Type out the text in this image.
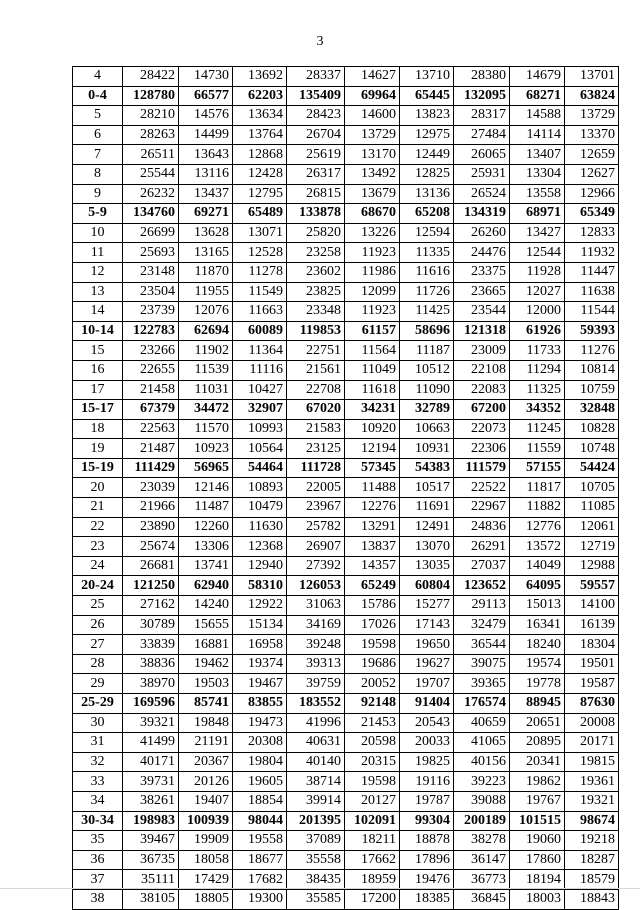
3
4	28422	14730	13692	28337	14627	13710	28380	14679	13701
0-4	128780	66577	62203	135409	69964	65445	132095	68271	63824
5	28210	14576	13634	28423	14600	13823	28317	14588	13729
6	28263	14499	13764	26704	13729	12975	27484	14114	13370
7	26511	13643	12868	25619	13170	12449	26065	13407	12659
8	25544	13116	12428	26317	13492	12825	25931	13304	12627
9	26232	13437	12795	26815	13679	13136	26524	13558	12966
5-9	134760	69271	65489	133878	68670	65208	134319	68971	65349
10	26699	13628	13071	25820	13226	12594	26260	13427	12833
11	25693	13165	12528	23258	11923	11335	24476	12544	11932
12	23148	11870	11278	23602	11986	11616	23375	11928	11447
13	23504	11955	11549	23825	12099	11726	23665	12027	11638
14	23739	12076	11663	23348	11923	11425	23544	12000	11544
10-14	122783	62694	60089	119853	61157	58696	121318	61926	59393
15	23266	11902	11364	22751	11564	11187	23009	11733	11276
16	22655	11539	11116	21561	11049	10512	22108	11294	10814
17	21458	11031	10427	22708	11618	11090	22083	11325	10759
15-17	67379	34472	32907	67020	34231	32789	67200	34352	32848
18	22563	11570	10993	21583	10920	10663	22073	11245	10828
19	21487	10923	10564	23125	12194	10931	22306	11559	10748
15-19	111429	56965	54464	111728	57345	54383	111579	57155	54424
20	23039	12146	10893	22005	11488	10517	22522	11817	10705
21	21966	11487	10479	23967	12276	11691	22967	11882	11085
22	23890	12260	11630	25782	13291	12491	24836	12776	12061
23	25674	13306	12368	26907	13837	13070	26291	13572	12719
24	26681	13741	12940	27392	14357	13035	27037	14049	12988
20-24	121250	62940	58310	126053	65249	60804	123652	64095	59557
25	27162	14240	12922	31063	15786	15277	29113	15013	14100
26	30789	15655	15134	34169	17026	17143	32479	16341	16139
27	33839	16881	16958	39248	19598	19650	36544	18240	18304
28	38836	19462	19374	39313	19686	19627	39075	19574	19501
29	38970	19503	19467	39759	20052	19707	39365	19778	19587
25-29	169596	85741	83855	183552	92148	91404	176574	88945	87630
30	39321	19848	19473	41996	21453	20543	40659	20651	20008
31	41499	21191	20308	40631	20598	20033	41065	20895	20171
32	40171	20367	19804	40140	20315	19825	40156	20341	19815
33	39731	20126	19605	38714	19598	19116	39223	19862	19361
34	38261	19407	18854	39914	20127	19787	39088	19767	19321
30-34	198983	100939	98044	201395	102091	99304	200189	101515	98674
35	39467	19909	19558	37089	18211	18878	38278	19060	19218
36	36735	18058	18677	35558	17662	17896	36147	17860	18287
37	35111	17429	17682	38435	18959	19476	36773	18194	18579
38	38105	18805	19300	35585	17200	18385	36845	18003	18843
